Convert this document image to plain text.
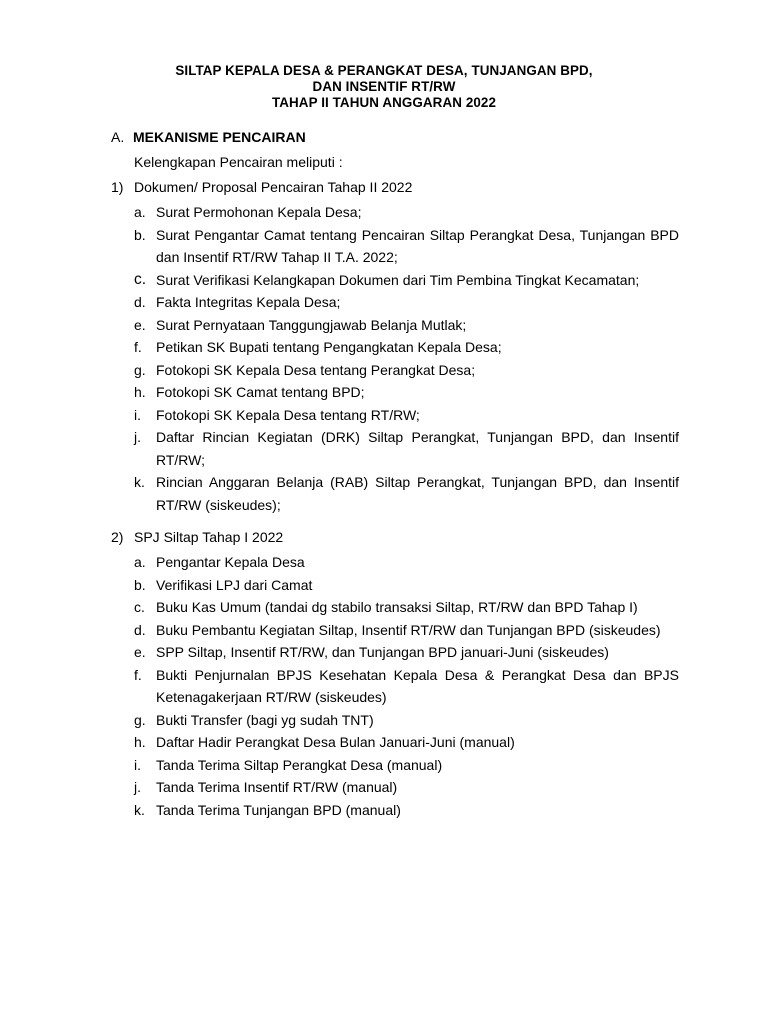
SILTAP KEPALA DESA & PERANGKAT DESA, TUNJANGAN BPD,
DAN INSENTIF RT/RW
TAHAP II TAHUN ANGGARAN 2022
A. MEKANISME PENCAIRAN
Kelengkapan Pencairan meliputi :
1) Dokumen/ Proposal Pencairan Tahap II 2022
a. Surat Permohonan Kepala Desa;
b. Surat Pengantar Camat tentang Pencairan Siltap Perangkat Desa, Tunjangan BPD dan Insentif RT/RW Tahap II T.A. 2022;
c. Surat Verifikasi Kelangkapan Dokumen dari Tim Pembina Tingkat Kecamatan;
d. Fakta Integritas Kepala Desa;
e. Surat Pernyataan Tanggungjawab Belanja Mutlak;
f. Petikan SK Bupati tentang Pengangkatan Kepala Desa;
g. Fotokopi SK Kepala Desa tentang Perangkat Desa;
h. Fotokopi SK Camat tentang BPD;
i. Fotokopi SK Kepala Desa tentang RT/RW;
j. Daftar Rincian Kegiatan (DRK) Siltap Perangkat, Tunjangan BPD, dan Insentif RT/RW;
k. Rincian Anggaran Belanja (RAB) Siltap Perangkat, Tunjangan BPD, dan Insentif RT/RW (siskeudes);
2) SPJ Siltap Tahap I 2022
a. Pengantar Kepala Desa
b. Verifikasi LPJ dari Camat
c. Buku Kas Umum (tandai dg stabilo transaksi Siltap, RT/RW dan BPD Tahap I)
d. Buku Pembantu Kegiatan Siltap, Insentif RT/RW dan Tunjangan BPD (siskeudes)
e. SPP Siltap, Insentif RT/RW, dan Tunjangan BPD januari-Juni (siskeudes)
f. Bukti Penjurnalan BPJS Kesehatan Kepala Desa & Perangkat Desa dan BPJS Ketenagakerjaan RT/RW (siskeudes)
g. Bukti Transfer (bagi yg sudah TNT)
h. Daftar Hadir Perangkat Desa Bulan Januari-Juni (manual)
i. Tanda Terima Siltap Perangkat Desa (manual)
j. Tanda Terima Insentif RT/RW (manual)
k. Tanda Terima Tunjangan BPD (manual)
